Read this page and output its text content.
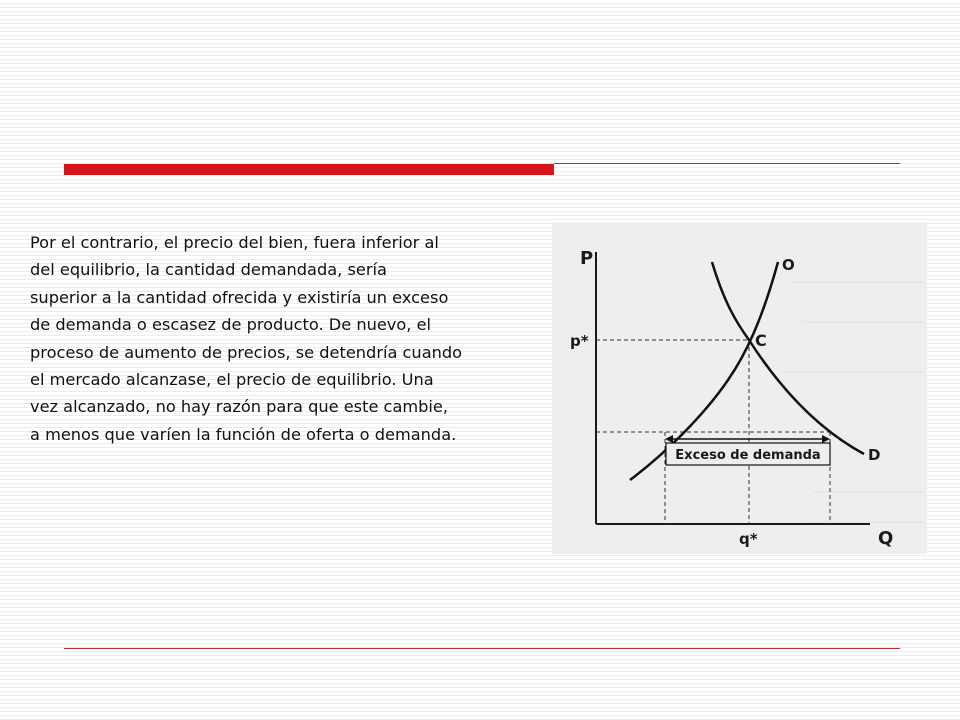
Por el contrario, el precio del bien, fuera inferior al
del equilibrio, la cantidad demandada, sería
superior a la cantidad ofrecida y existiría un exceso
de demanda o escasez de producto. De nuevo, el
proceso de aumento de precios, se detendría cuando
el mercado alcanzase, el precio de equilibrio. Una
vez alcanzado, no hay razón para que este cambie,
a menos que varíen la función de oferta o demanda.
Exceso de demanda
P
Q
p*
q*
C
O
D
